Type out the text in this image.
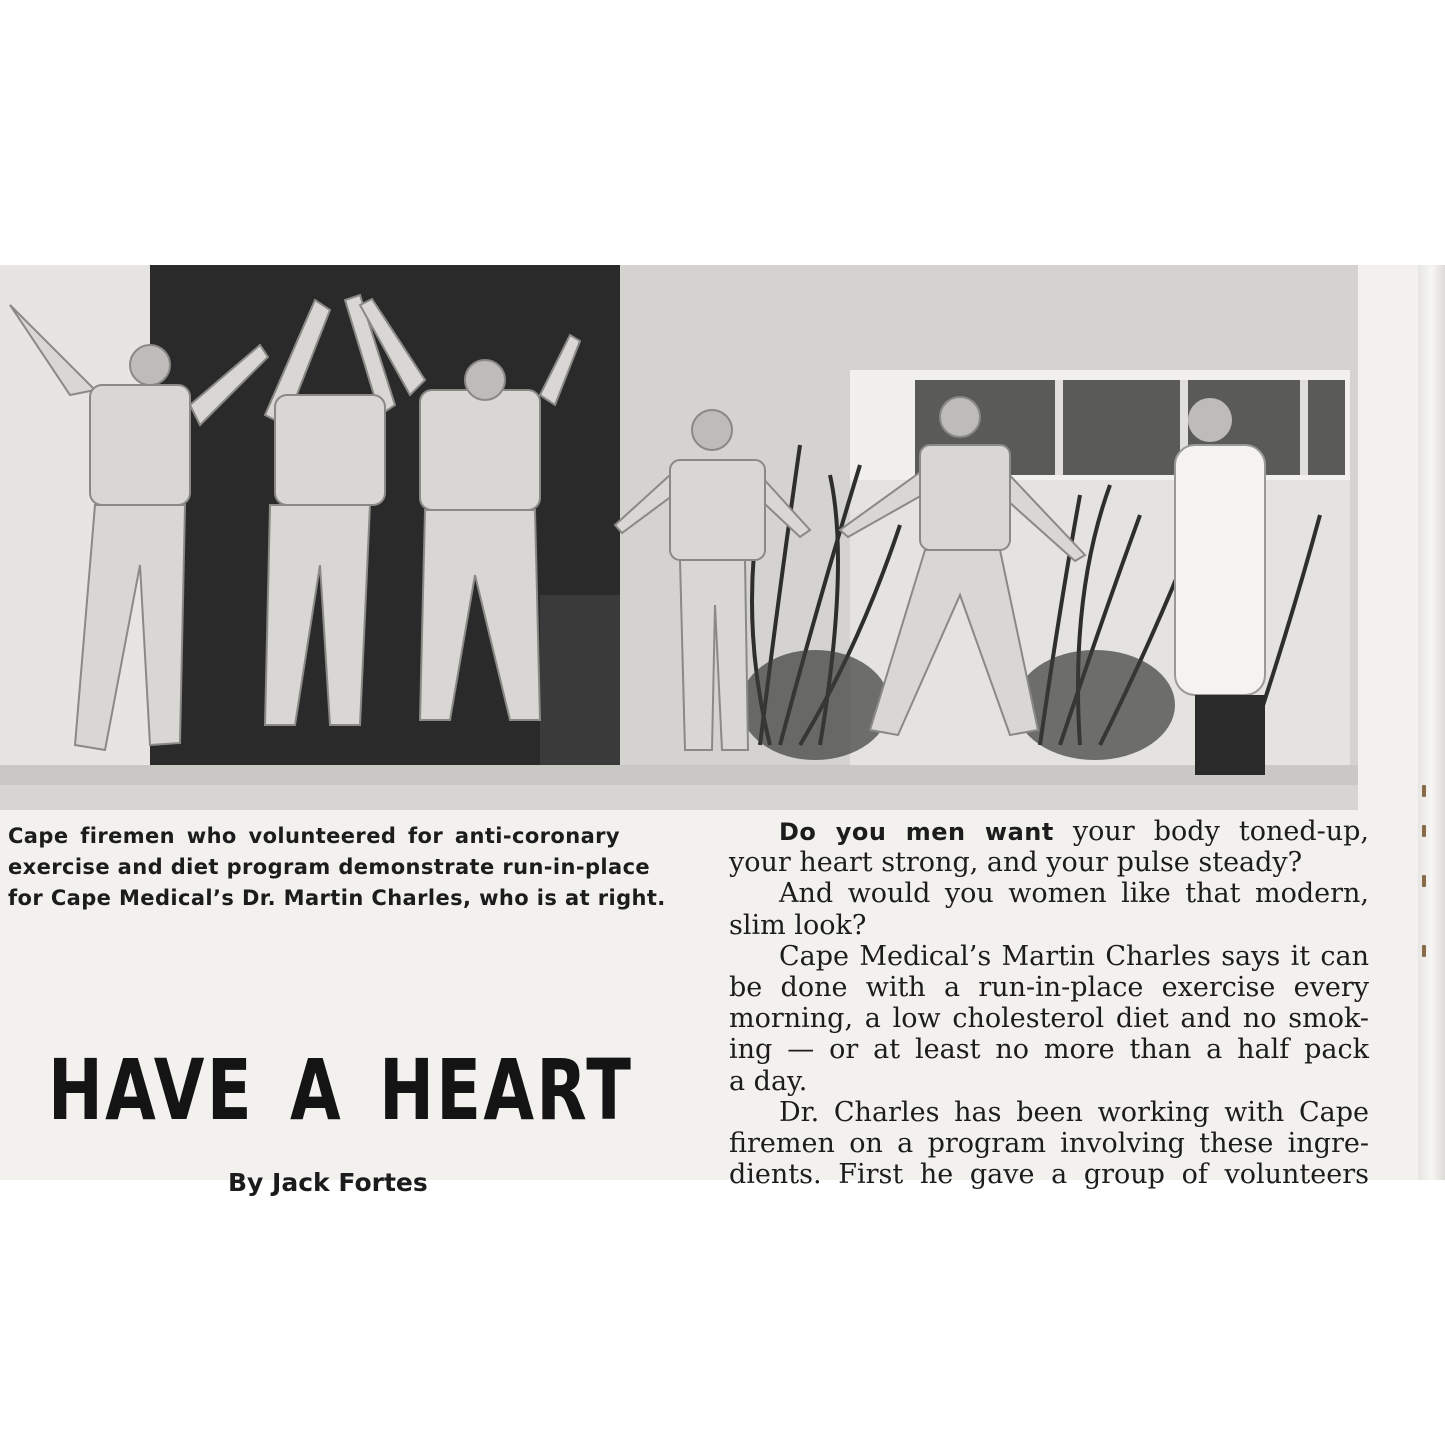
Cape firemen who volunteered for anti-coronary
exercise and diet program demonstrate run-in-place
for Cape Medical’s Dr. Martin Charles, who is at right.
HAVE A HEART
By Jack Fortes
Do you men want your body toned-up,
your heart strong, and your pulse steady?
And would you women like that modern,
slim look?
Cape Medical’s Martin Charles says it can
be done with a run-in-place exercise every
morning, a low cholesterol diet and no smok-
ing — or at least no more than a half pack
a day.
Dr. Charles has been working with Cape
firemen on a program involving these ingre-
dients. First he gave a group of volunteers
